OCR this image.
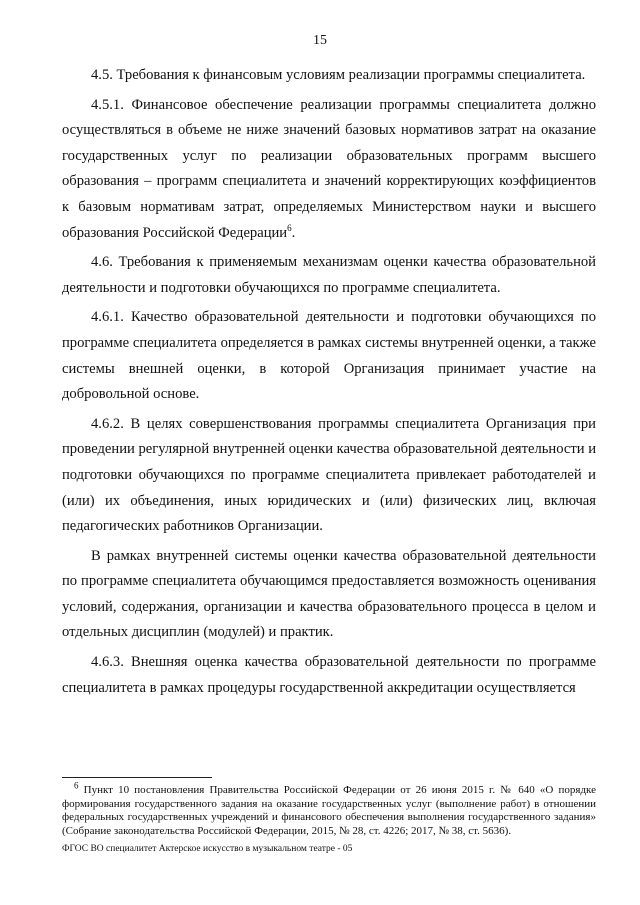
15

4.5. Требования к финансовым условиям реализации программы специалитета.

4.5.1. Финансовое обеспечение реализации программы специалитета должно осуществляться в объеме не ниже значений базовых нормативов затрат на оказание государственных услуг по реализации образовательных программ высшего образования – программ специалитета и значений корректирующих коэффициентов к базовым нормативам затрат, определяемых Министерством науки и высшего образования Российской Федерации$^6$.

4.6. Требования к применяемым механизмам оценки качества образовательной деятельности и подготовки обучающихся по программе специалитета.

4.6.1. Качество образовательной деятельности и подготовки обучающихся по программе специалитета определяется в рамках системы внутренней оценки, а также системы внешней оценки, в которой Организация принимает участие на добровольной основе.

4.6.2. В целях совершенствования программы специалитета Организация при проведении регулярной внутренней оценки качества образовательной деятельности и подготовки обучающихся по программе специалитета привлекает работодателей и (или) их объединения, иных юридических и (или) физических лиц, включая педагогических работников Организации.

В рамках внутренней системы оценки качества образовательной деятельности по программе специалитета обучающимся предоставляется возможность оценивания условий, содержания, организации и качества образовательного процесса в целом и отдельных дисциплин (модулей) и практик.

4.6.3. Внешняя оценка качества образовательной деятельности по программе специалитета в рамках процедуры государственной аккредитации осуществляется

$^6$ Пункт 10 постановления Правительства Российской Федерации от 26 июня 2015 г. № 640 «О порядке формирования государственного задания на оказание государственных услуг (выполнение работ) в отношении федеральных государственных учреждений и финансового обеспечения выполнения государственного задания» (Собрание законодательства Российской Федерации, 2015, № 28, ст. 4226; 2017, № 38, ст. 5636).
ФГОС ВО специалитет Актерское искусство в музыкальном театре - 05
